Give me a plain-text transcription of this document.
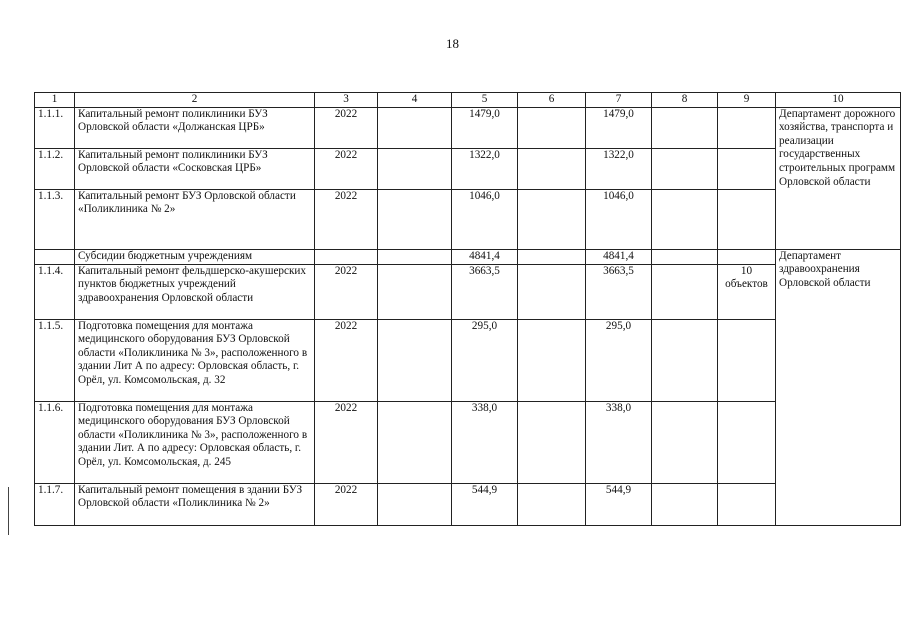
18
1	2	3	4	5	6	7	8	9	10
1.1.1.	Капитальный ремонт поликлиники БУЗ Орловской области «Должанская ЦРБ»	2022		1479,0		1479,0			Департамент дорожного хозяйства, транспорта и реализации государственных строительных программ Орловской области
1.1.2.	Капитальный ремонт поликлиники БУЗ Орловской области «Сосковская ЦРБ»	2022		1322,0		1322,0			
1.1.3.	Капитальный ремонт БУЗ Орловской области «Поликлиника № 2»	2022		1046,0		1046,0			
	Субсидии бюджетным учреждениям			4841,4		4841,4			Департамент здравоохранения Орловской области
1.1.4.	Капитальный ремонт фельдшерско-акушерских пунктов бюджетных учреждений здравоохранения Орловской области	2022		3663,5		3663,5		10 объектов	
1.1.5.	Подготовка помещения для монтажа медицинского оборудования БУЗ Орловской области «Поликлиника № 3», расположенного в здании Лит А по адресу: Орловская область, г. Орёл, ул. Комсомольская, д. 32	2022		295,0		295,0			
1.1.6.	Подготовка помещения для монтажа медицинского оборудования БУЗ Орловской области «Поликлиника № 3», расположенного в здании Лит. А по адресу: Орловская область, г. Орёл, ул. Комсомольская, д. 245	2022		338,0		338,0			
1.1.7.	Капитальный ремонт помещения в здании БУЗ Орловской области «Поликлиника № 2»	2022		544,9		544,9			
